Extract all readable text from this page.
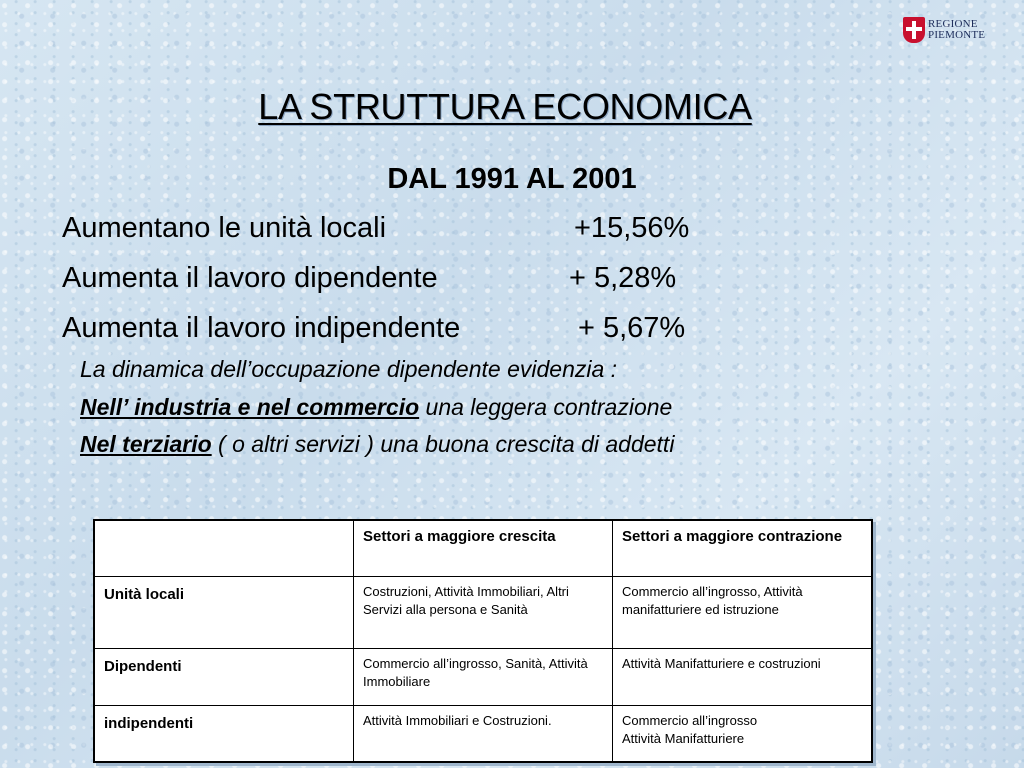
REGIONE
PIEMONTE
LA STRUTTURA ECONOMICA
DAL 1991 AL 2001
Aumentano le unità locali	+15,56%
Aumenta il lavoro dipendente	+ 5,28%
Aumenta il lavoro indipendente	+ 5,67%
La dinamica dell’occupazione dipendente evidenzia :
Nell’ industria e nel commercio una leggera contrazione
Nel terziario ( o altri servizi ) una buona crescita di addetti
	Settori a maggiore crescita	Settori a maggiore contrazione
Unità locali	Costruzioni, Attività Immobiliari, Altri Servizi alla persona e Sanità	Commercio all’ingrosso, Attività manifatturiere ed istruzione
Dipendenti	Commercio all’ingrosso, Sanità, Attività Immobiliare	Attività Manifatturiere e costruzioni
indipendenti	Attività Immobiliari e Costruzioni.	Commercio all’ingrosso
Attività Manifatturiere
